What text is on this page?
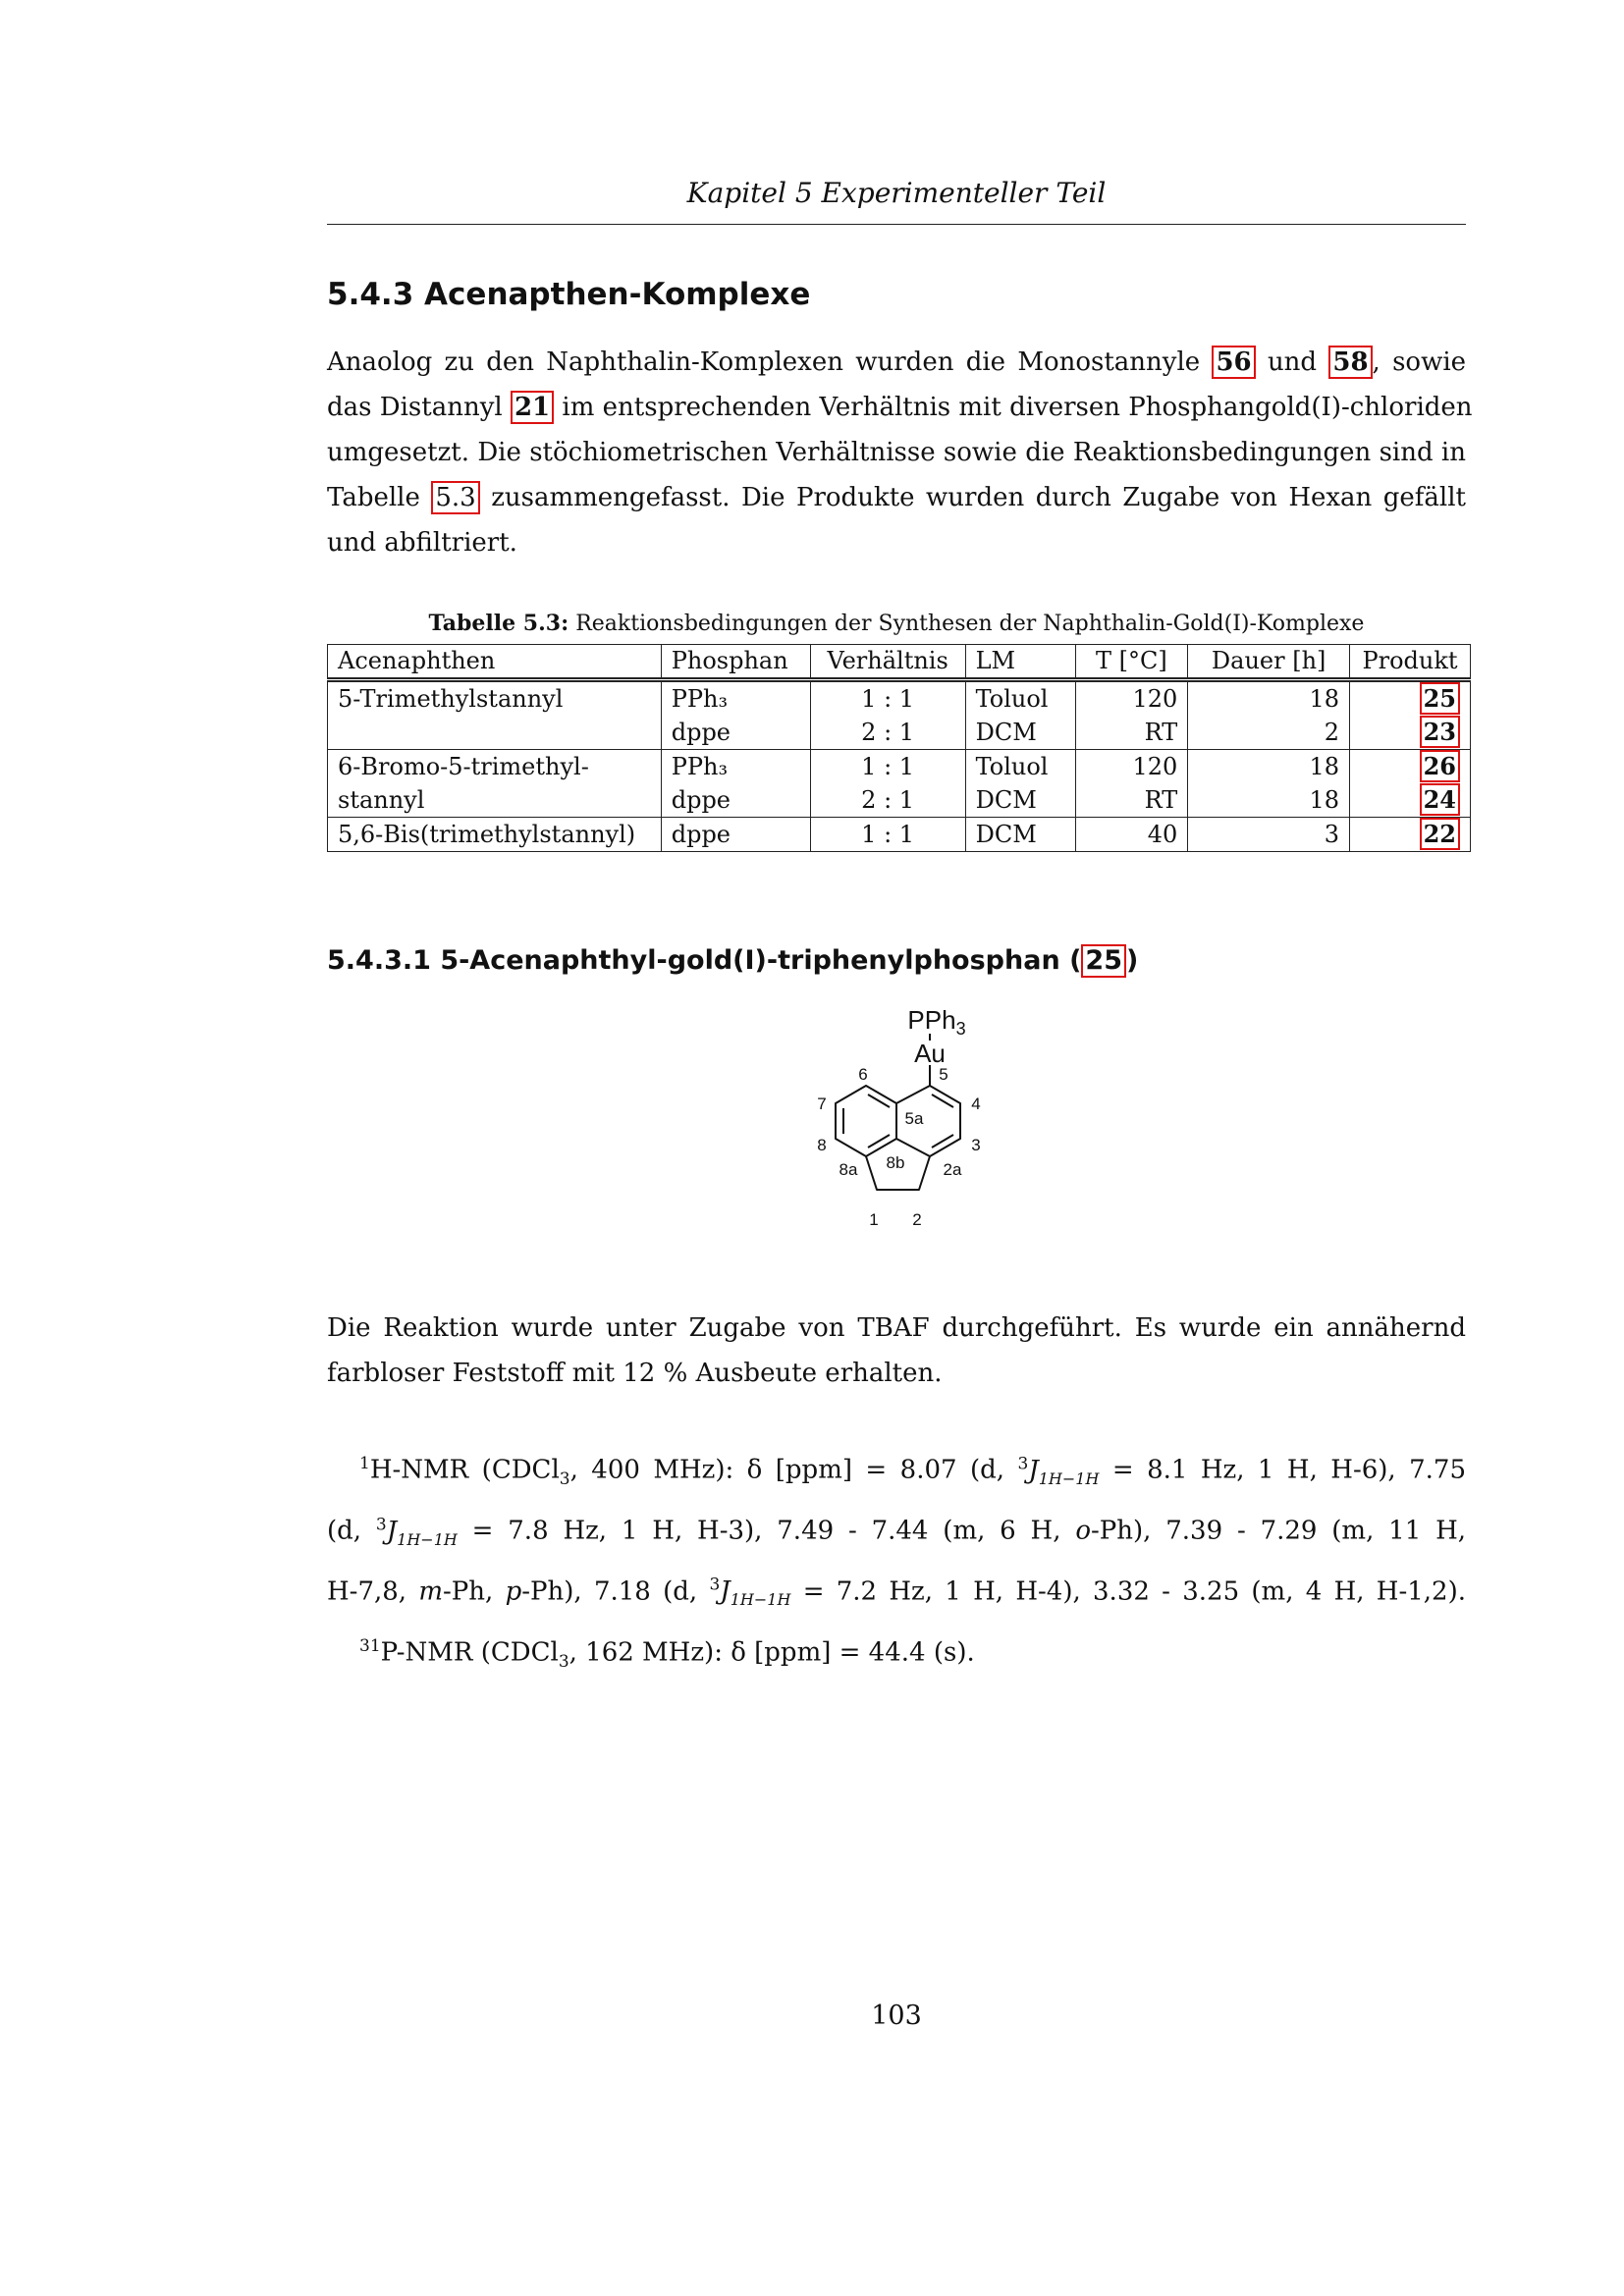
Kapitel 5 Experimenteller Teil
5.4.3 Acenapthen-Komplexe
Anaolog zu den Naphthalin-Komplexen wurden die Monostannyle 56 und 58 , sowie
das Distannyl 21 im entsprechenden Verhältnis mit diversen Phosphangold(I)-chloriden
umgesetzt. Die stöchiometrischen Verhältnisse sowie die Reaktionsbedingungen sind in
Tabelle 5.3 zusammengefasst. Die Produkte wurden durch Zugabe von Hexan gefällt
und abfiltriert.
Tabelle 5.3: Reaktionsbedingungen der Synthesen der Naphthalin-Gold(I)-Komplexe
Acenaphthen	Phosphan	Verhältnis	LM	T [°C]	Dauer [h]	Produkt
5-Trimethylstannyl	PPh₃	1 : 1	Toluol	120	18	25
	dppe	2 : 1	DCM	RT	2	23
6-Bromo-5-trimethyl-	PPh₃	1 : 1	Toluol	120	18	26
stannyl	dppe	2 : 1	DCM	RT	18	24
5,6-Bis(trimethylstannyl)	dppe	1 : 1	DCM	40	3	22
5.4.3.1 5-Acenaphthyl-gold(I)-triphenylphosphan ( 25 )
PPh$_3$
Au
6	5
7	4
5a
8	3
8b
8a	2a
1 2
Die Reaktion wurde unter Zugabe von TBAF durchgeführt. Es wurde ein annähernd
farbloser Feststoff mit 12 % Ausbeute erhalten.
$^1$H-NMR (CDCl$_3$, 400 MHz): δ [ppm] = 8.07 (d, $^3J_{1H-1H} = 8.1$ Hz, 1 H, H-6), 7.75
(d, $^3J_{1H-1H} = 7.8$ Hz, 1 H, H-3), 7.49 - 7.44 (m, 6 H, o-Ph), 7.39 - 7.29 (m, 11 H,
H-7,8, m-Ph, p-Ph), 7.18 (d, $^3J_{1H-1H} = 7.2$ Hz, 1 H, H-4), 3.32 - 3.25 (m, 4 H, H-1,2).
$^{31}$P-NMR (CDCl$_3$, 162 MHz): δ [ppm] = 44.4 (s).
103
